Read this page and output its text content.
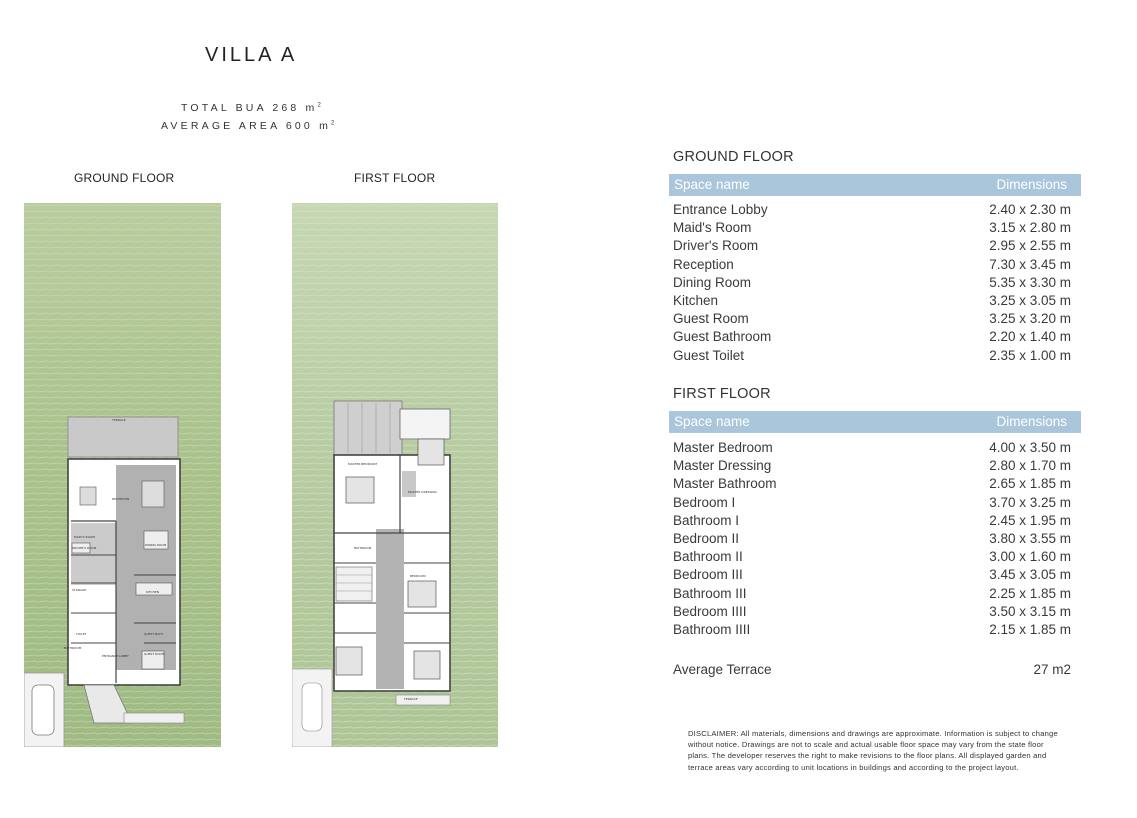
VILLA A
TOTAL BUA 268 $m^2$
AVERAGE AREA 600 $m^2$
GROUND FLOOR	FIRST FLOOR
TERRACE
RECEPTION
DINING ROOM
KITCHEN
MAID'S ROOM
DRIVER'S ROOM
GUEST ROOM
GUEST BATH
ENTRANCE LOBBY
BATHROOM
TOILET
STORAGE
MASTER BEDROOM
TERRACE
MASTER DRESSING
BEDROOM
BATHROOM
GROUND FLOOR
Space name	Dimensions
Entrance Lobby	2.40 x 2.30 m
Maid's Room	3.15 x 2.80 m
Driver's Room	2.95 x 2.55 m
Reception	7.30 x 3.45 m
Dining Room	5.35 x 3.30 m
Kitchen	3.25 x 3.05 m
Guest Room	3.25 x 3.20 m
Guest Bathroom	2.20 x 1.40 m
Guest Toilet	2.35 x 1.00 m
FIRST FLOOR
Space name	Dimensions
Master Bedroom	4.00 x 3.50 m
Master Dressing	2.80 x 1.70 m
Master Bathroom	2.65 x 1.85 m
Bedroom I	3.70 x 3.25 m
Bathroom I	2.45 x 1.95 m
Bedroom II	3.80 x 3.55 m
Bathroom II	3.00 x 1.60 m
Bedroom III	3.45 x 3.05 m
Bathroom III	2.25 x 1.85 m
Bedroom IIII	3.50 x 3.15 m
Bathroom IIII	2.15 x 1.85 m
Average Terrace	27 m2
DISCLAIMER: All materials, dimensions and drawings are approximate. Information is subject to change without notice. Drawings are not to scale and actual usable floor space may vary from the state floor plans. The developer reserves the right to make revisions to the floor plans. All displayed garden and terrace areas vary according to unit locations in buildings and according to the project layout.
